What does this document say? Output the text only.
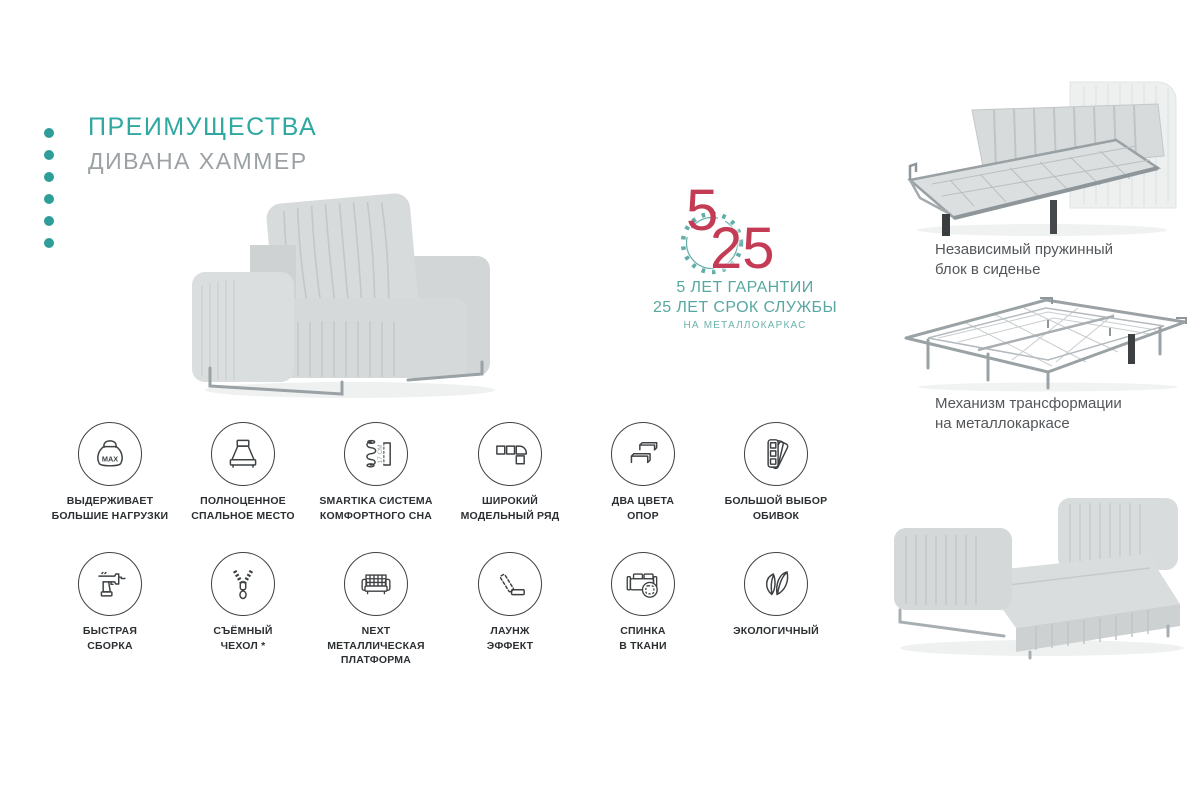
ПРЕИМУЩЕСТВА
ДИВАНА ХАММЕР
5
25
5 ЛЕТ ГАРАНТИИ
25 ЛЕТ СРОК СЛУЖБЫ
НА МЕТАЛЛОКАРКАС
Независимый пружинный
блок в сиденье
Механизм трансформации
на металлокаркасе
MAX
ВЫДЕРЖИВАЕТ
БОЛЬШИЕ НАГРУЗКИ
ПОЛНОЦЕННОЕ
СПАЛЬНОЕ МЕСТО
17 СМ
SMARTIKA СИСТЕМА
КОМФОРТНОГО СНА
ШИРОКИЙ
МОДЕЛЬНЫЙ РЯД
ДВА ЦВЕТА
ОПОР
БОЛЬШОЙ ВЫБОР
ОБИВОК
БЫСТРАЯ
СБОРКА
СЪЁМНЫЙ
ЧЕХОЛ *
NEXT
МЕТАЛЛИЧЕСКАЯ
ПЛАТФОРМА
ЛАУНЖ
ЭФФЕКТ
СПИНКА
В ТКАНИ
ЭКОЛОГИЧНЫЙ
